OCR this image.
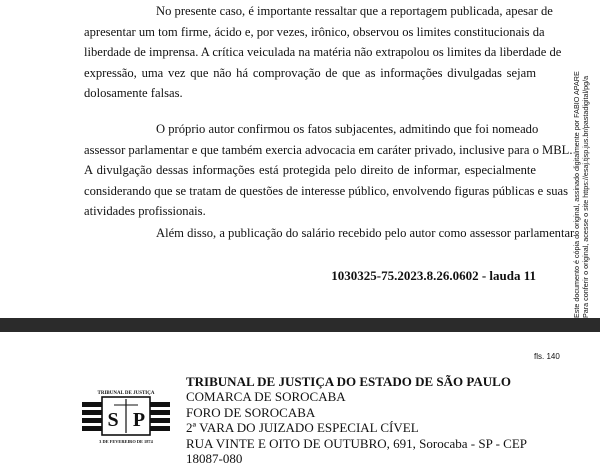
No presente caso, é importante ressaltar que a reportagem publicada, apesar de
apresentar um tom firme, ácido e, por vezes, irônico, observou os limites constitucionais da
liberdade de imprensa. A crítica veiculada na matéria não extrapolou os limites da liberdade de
expressão, uma vez que não há comprovação de que as informações divulgadas sejam
dolosamente falsas.
O próprio autor confirmou os fatos subjacentes, admitindo que foi nomeado
assessor parlamentar e que também exercia advocacia em caráter privado, inclusive para o MBL.
A divulgação dessas informações está protegida pelo direito de informar, especialmente
considerando que se tratam de questões de interesse público, envolvendo figuras públicas e suas
atividades profissionais.
Além disso, a publicação do salário recebido pelo autor como assessor parlamentar
1030325-75.2023.8.26.0602 - lauda 11	Este documento é cópia do original, assinado digitalmente por FABIO APARE Para conferir o original, acesse o site https://esaj.tjsp.jus.br/pastadigital/pg/a
fls. 140
TRIBUNAL DE JUSTIÇA
S P
3 DE FEVEREIRO DE 1874
TRIBUNAL DE JUSTIÇA DO ESTADO DE SÃO PAULO
COMARCA DE SOROCABA
FORO DE SOROCABA
2ª VARA DO JUIZADO ESPECIAL CÍVEL
RUA VINTE E OITO DE OUTUBRO, 691, Sorocaba - SP - CEP
18087-080
